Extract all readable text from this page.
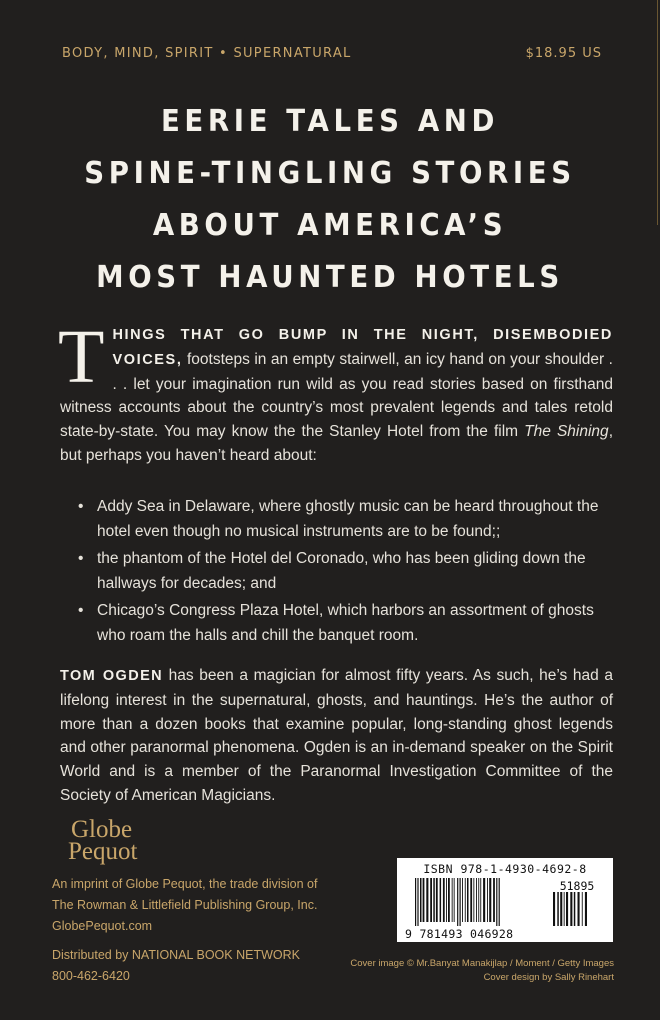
BODY, MIND, SPIRIT • SUPERNATURAL	$18.95 US
EERIE TALES AND
SPINE-TINGLING STORIES
ABOUT AMERICA’S
MOST HAUNTED HOTELS
THINGS THAT GO BUMP IN THE NIGHT, DISEMBODIED VOICES, footsteps in an empty stairwell, an icy hand on your shoulder . . . let your imagination run wild as you read stories based on firsthand witness accounts about the country’s most prevalent legends and tales retold state-by-state. You may know the the Stanley Hotel from the film The Shining, but perhaps you haven’t heard about:
• Addy Sea in Delaware, where ghostly music can be heard throughout the hotel even though no musical instruments are to be found;;
• the phantom of the Hotel del Coronado, who has been gliding down the hallways for decades; and
• Chicago’s Congress Plaza Hotel, which harbors an assortment of ghosts who roam the halls and chill the banquet room.
TOM OGDEN has been a magician for almost fifty years. As such, he’s had a lifelong interest in the supernatural, ghosts, and hauntings. He’s the author of more than a dozen books that examine popular, long-standing ghost legends and other paranormal phenomena. Ogden is an in-demand speaker on the Spirit World and is a member of the Paranormal Investigation Committee of the Society of American Magicians.
Globe
Pequot
An imprint of Globe Pequot, the trade division of
The Rowman & Littlefield Publishing Group, Inc.
GlobePequot.com
Distributed by NATIONAL BOOK NETWORK
800-462-6420
ISBN 978-1-4930-4692-8
51895
9 781493 046928
Cover image © Mr.Banyat Manakijlap / Moment / Getty Images
Cover design by Sally Rinehart
